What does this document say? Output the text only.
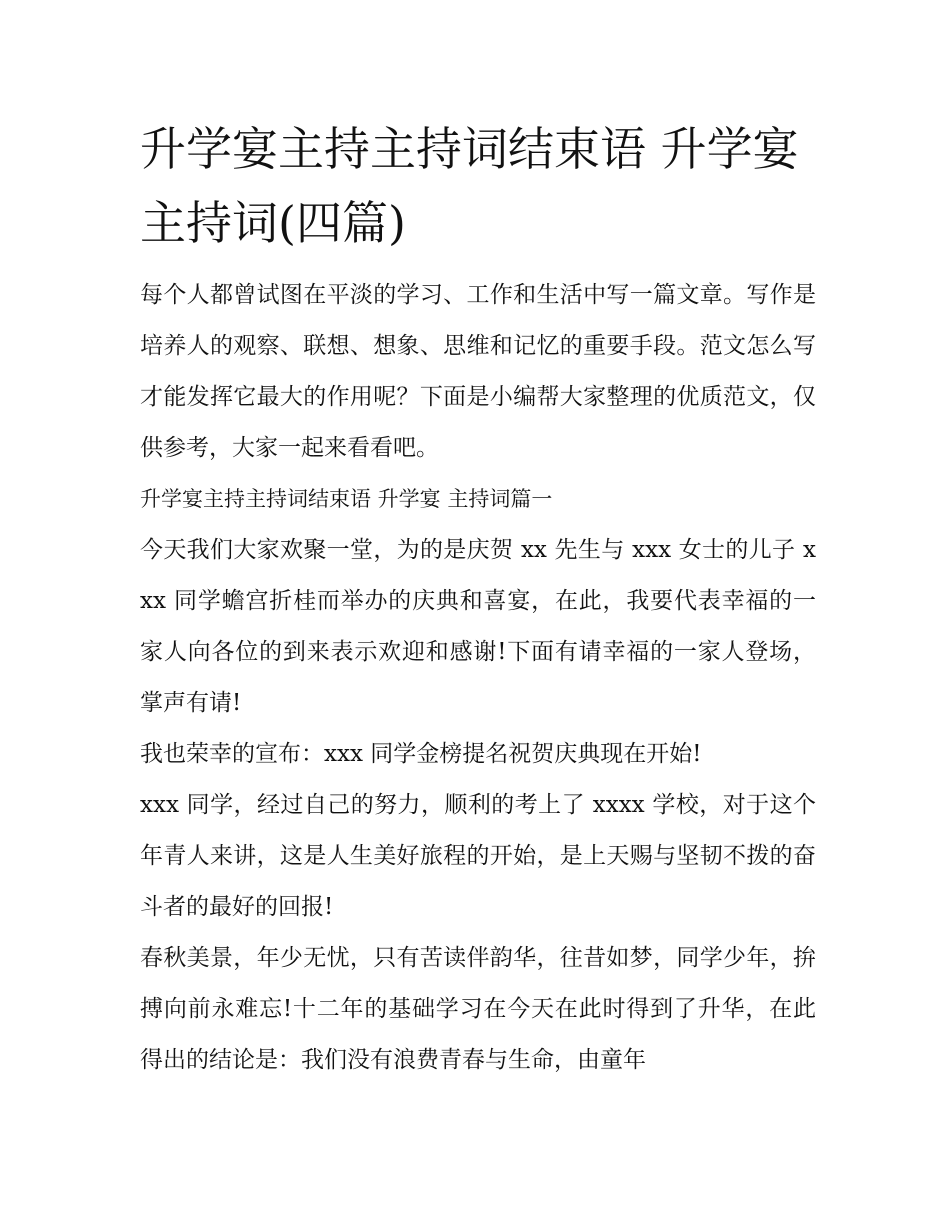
升学宴主持主持词结束语 升学宴 主持词(四篇)

每个人都曾试图在平淡的学习、工作和生活中写一篇文章。写作是培养人的观察、联想、想象、思维和记忆的重要手段。范文怎么写才能发挥它最大的作用呢？下面是小编帮大家整理的优质范文，仅供参考，大家一起来看看吧。

升学宴主持主持词结束语 升学宴 主持词篇一

今天我们大家欢聚一堂，为的是庆贺 xx 先生与 xxx 女士的儿子 xxx 同学蟾宫折桂而举办的庆典和喜宴，在此，我要代表幸福的一家人向各位的到来表示欢迎和感谢!下面有请幸福的一家人登场，掌声有请!

我也荣幸的宣布：xxx 同学金榜提名祝贺庆典现在开始!

xxx 同学，经过自己的努力，顺利的考上了 xxxx 学校，对于这个年青人来讲，这是人生美好旅程的开始，是上天赐与坚韧不拨的奋斗者的最好的回报!

春秋美景，年少无忧，只有苦读伴韵华，往昔如梦，同学少年，拚搏向前永难忘!十二年的基础学习在今天在此时得到了升华，在此得出的结论是：我们没有浪费青春与生命，由童年
